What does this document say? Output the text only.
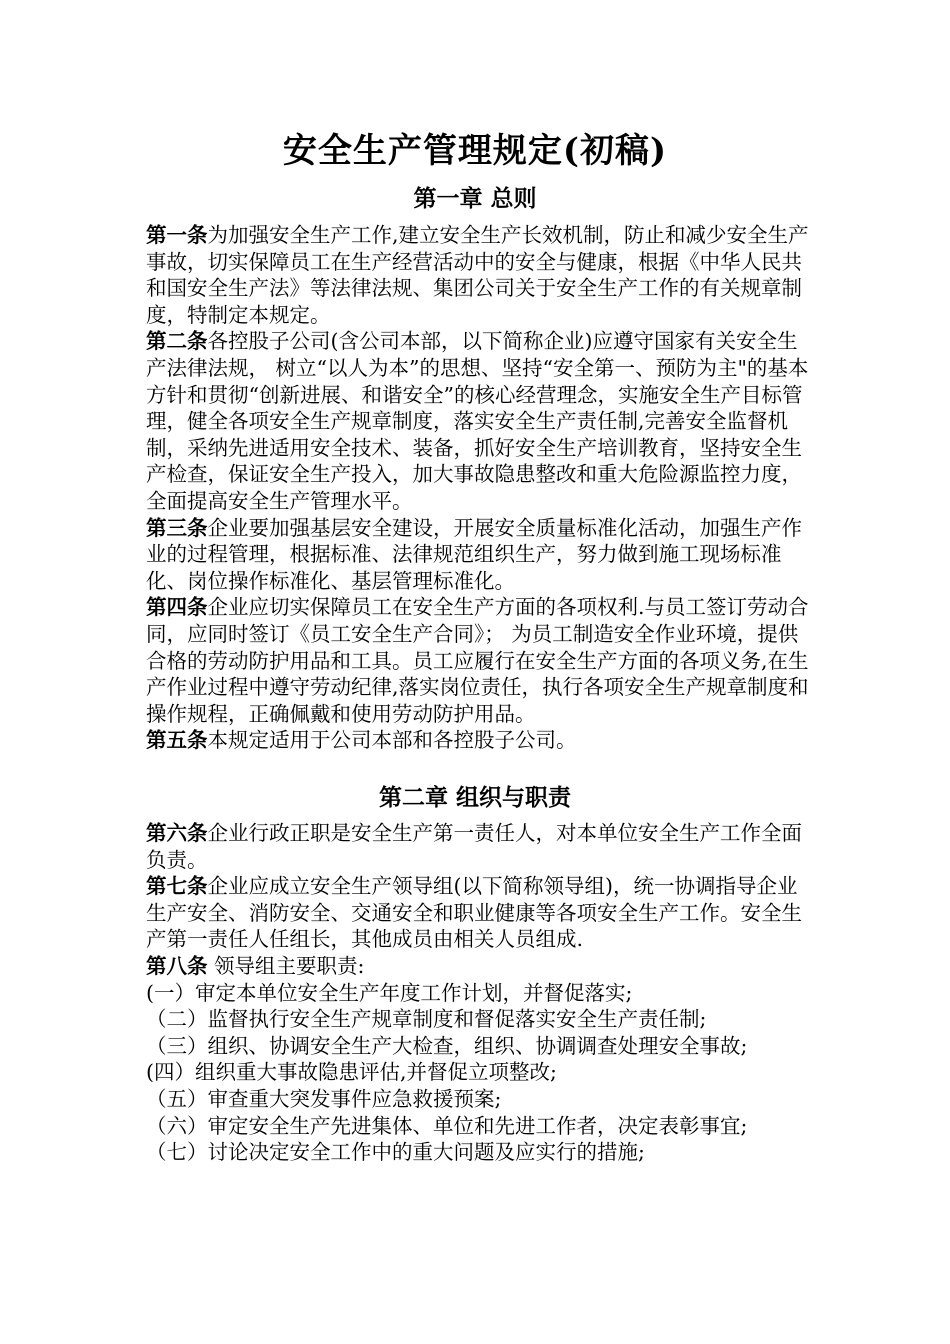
安全生产管理规定(初稿)
第一章 总则

第一条为加强安全生产工作,建立安全生产长效机制，防止和减少安全生产事故，切实保障员工在生产经营活动中的安全与健康，根据《中华人民共和国安全生产法》等法律法规、集团公司关于安全生产工作的有关规章制度，特制定本规定。

第二条各控股子公司(含公司本部，以下简称企业)应遵守国家有关安全生产法律法规， 树立“以人为本”的思想、坚持“安全第一、预防为主"的基本方针和贯彻“创新进展、和谐安全”的核心经营理念，实施安全生产目标管理，健全各项安全生产规章制度，落实安全生产责任制,完善安全监督机制，采纳先进适用安全技术、装备，抓好安全生产培训教育，坚持安全生产检查，保证安全生产投入，加大事故隐患整改和重大危险源监控力度，全面提高安全生产管理水平。

第三条企业要加强基层安全建设，开展安全质量标准化活动，加强生产作业的过程管理，根据标准、法律规范组织生产，努力做到施工现场标准化、岗位操作标准化、基层管理标准化。

第四条企业应切实保障员工在安全生产方面的各项权利.与员工签订劳动合同，应同时签订《员工安全生产合同》； 为员工制造安全作业环境，提供合格的劳动防护用品和工具。员工应履行在安全生产方面的各项义务,在生产作业过程中遵守劳动纪律,落实岗位责任，执行各项安全生产规章制度和操作规程，正确佩戴和使用劳动防护用品。

第五条本规定适用于公司本部和各控股子公司。

第二章 组织与职责

第六条企业行政正职是安全生产第一责任人，对本单位安全生产工作全面负责。

第七条企业应成立安全生产领导组(以下简称领导组)，统一协调指导企业生产安全、消防安全、交通安全和职业健康等各项安全生产工作。安全生产第一责任人任组长，其他成员由相关人员组成.

第八条 领导组主要职责:

(一）审定本单位安全生产年度工作计划，并督促落实;

（二）监督执行安全生产规章制度和督促落实安全生产责任制;

（三）组织、协调安全生产大检查，组织、协调调查处理安全事故;

(四）组织重大事故隐患评估,并督促立项整改;

（五）审查重大突发事件应急救援预案;

（六）审定安全生产先进集体、单位和先进工作者，决定表彰事宜;

（七）讨论决定安全工作中的重大问题及应实行的措施;
